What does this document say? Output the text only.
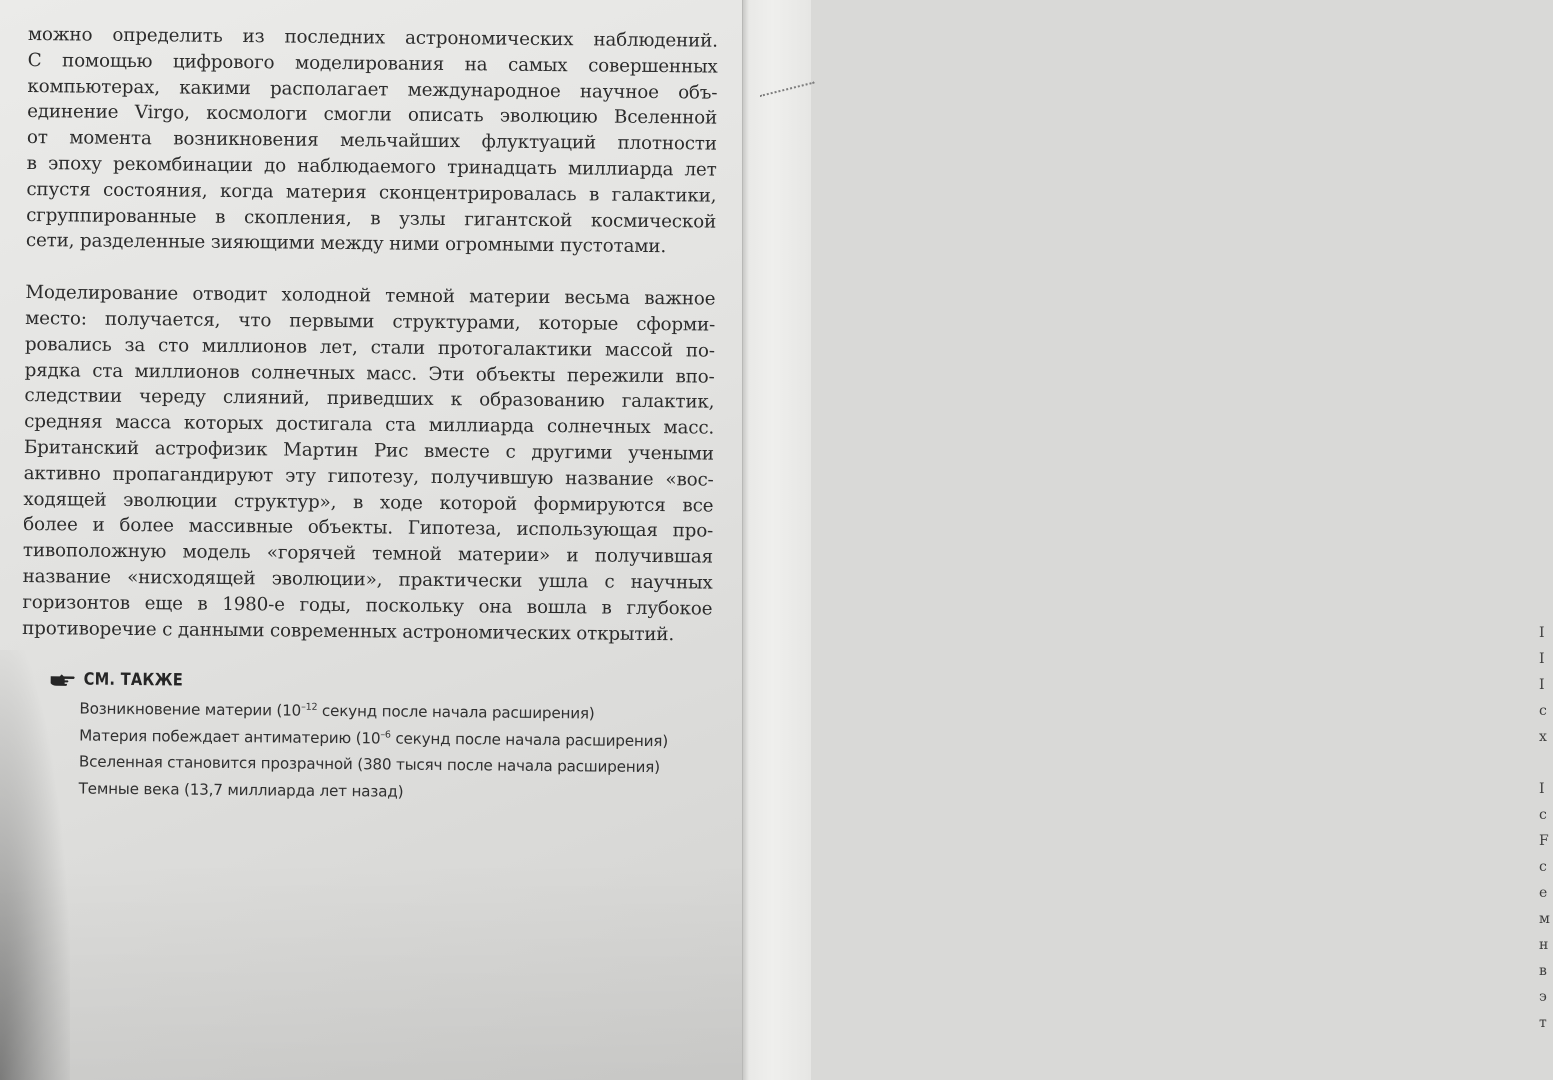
I
I
I
c
x
I
c
F
c
e
м
н
в
э
т
можно определить из последних астрономических наблюдений.
С помощью цифрового моделирования на самых совершенных
компьютерах, какими располагает международное научное объ-
единение Virgo, космологи смогли описать эволюцию Вселенной
от момента возникновения мельчайших флуктуаций плотности
в эпоху рекомбинации до наблюдаемого тринадцать миллиарда лет
спустя состояния, когда материя сконцентрировалась в галактики,
сгруппированные в скопления, в узлы гигантской космической
сети, разделенные зияющими между ними огромными пустотами.
Моделирование отводит холодной темной материи весьма важное
место: получается, что первыми структурами, которые сформи-
ровались за сто миллионов лет, стали протогалактики массой по-
рядка ста миллионов солнечных масс. Эти объекты пережили впо-
следствии череду слияний, приведших к образованию галактик,
средняя масса которых достигала ста миллиарда солнечных масс.
Британский астрофизик Мартин Рис вместе с другими учеными
активно пропагандируют эту гипотезу, получившую название «вос-
ходящей эволюции структур», в ходе которой формируются все
более и более массивные объекты. Гипотеза, использующая про-
тивоположную модель «горячей темной материи» и получившая
название «нисходящей эволюции», практически ушла с научных
горизонтов еще в 1980-е годы, поскольку она вошла в глубокое
противоречие с данными современных астрономических открытий.
СМ. ТАКЖЕ
Возникновение материи ($10^{-12}$ секунд после начала расширения)
Материя побеждает антиматерию ($10^{-6}$ секунд после начала расширения)
Вселенная становится прозрачной (380 тысяч после начала расширения)
Темные века (13,7 миллиарда лет назад)
